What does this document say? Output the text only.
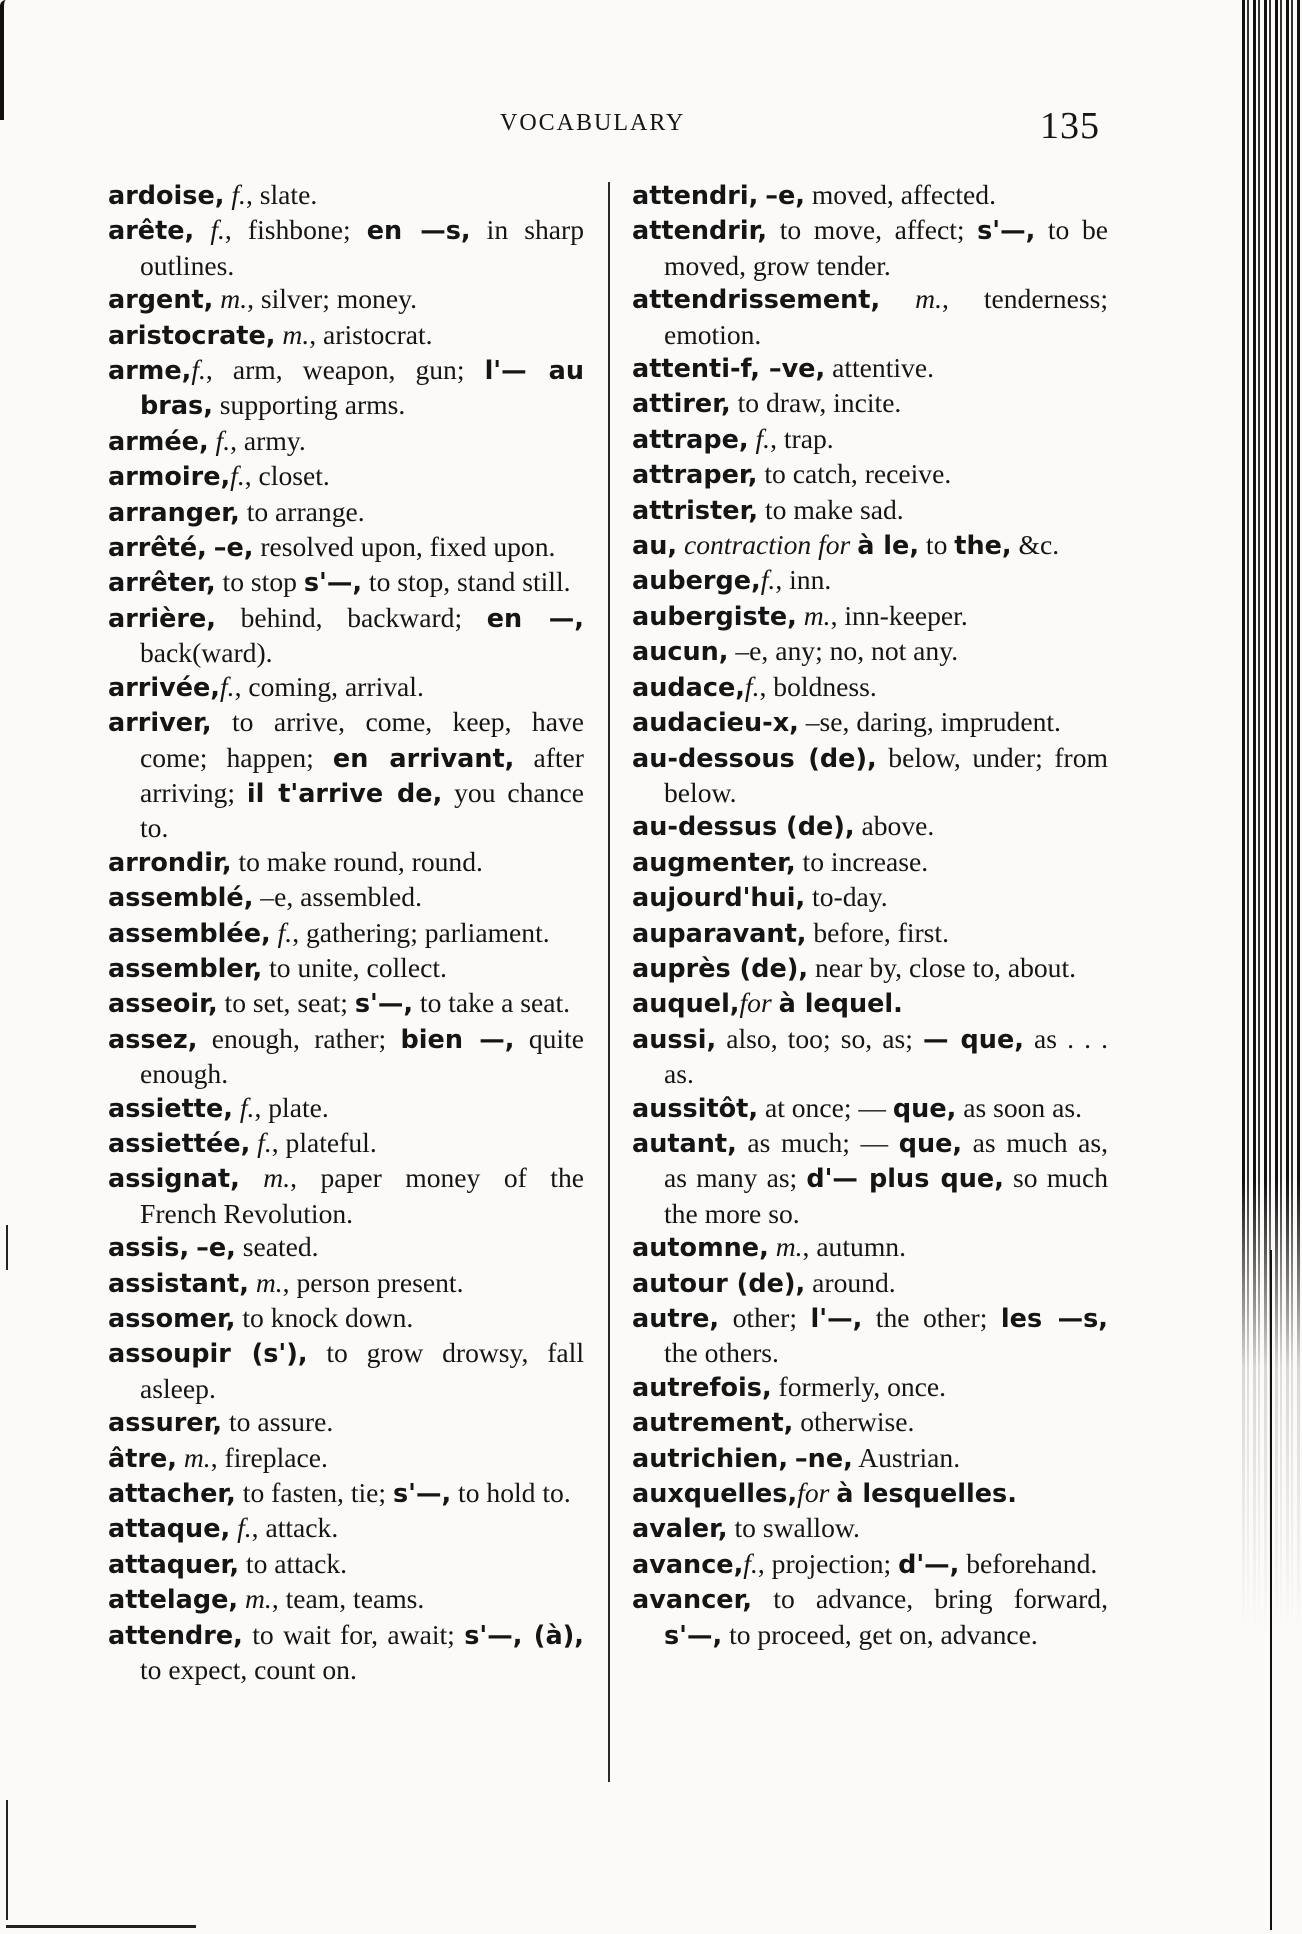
VOCABULARY	135

ardoise, f., slate.

arête, f., fishbone; en —s, in sharp outlines.

argent, m., silver; money.

aristocrate, m., aristocrat.

arme,f., arm, weapon, gun; l'— au bras, supporting arms.

armée, f., army.

armoire,f., closet.

arranger, to arrange.

arrêté, –e, resolved upon, fixed upon.

arrêter, to stop s'—, to stop, stand still.

arrière, behind, backward; en —, back(ward).

arrivée,f., coming, arrival.

arriver, to arrive, come, keep, have come; happen; en arrivant, after arriving; il t'arrive de, you chance to.

arrondir, to make round, round.

assemblé, –e, assembled.

assemblée, f., gathering; parliament.

assembler, to unite, collect.

asseoir, to set, seat; s'—, to take a seat.

assez, enough, rather; bien —, quite enough.

assiette, f., plate.

assiettée, f., plateful.

assignat, m., paper money of the French Revolution.

assis, –e, seated.

assistant, m., person present.

assomer, to knock down.

assoupir (s'), to grow drowsy, fall asleep.

assurer, to assure.

âtre, m., fireplace.

attacher, to fasten, tie; s'—, to hold to.

attaque, f., attack.

attaquer, to attack.

attelage, m., team, teams.

attendre, to wait for, await; s'—, (à), to expect, count on.

attendri, –e, moved, affected.

attendrir, to move, affect; s'—, to be moved, grow tender.

attendrissement, m., tenderness; emotion.

attenti-f, –ve, attentive.

attirer, to draw, incite.

attrape, f., trap.

attraper, to catch, receive.

attrister, to make sad.

au, contraction for à le, to the, &c.

auberge,f., inn.

aubergiste, m., inn-keeper.

aucun, –e, any; no, not any.

audace,f., boldness.

audacieu-x, –se, daring, imprudent.

au-dessous (de), below, under; from below.

au-dessus (de), above.

augmenter, to increase.

aujourd'hui, to-day.

auparavant, before, first.

auprès (de), near by, close to, about.

auquel,for à lequel.

aussi, also, too; so, as; — que, as . . . as.

aussitôt, at once; — que, as soon as.

autant, as much; — que, as much as, as many as; d'— plus que, so much the more so.

automne, m., autumn.

autour (de), around.

autre, other; l'—, the other; les —s, the others.

autrefois, formerly, once.

autrement, otherwise.

autrichien, –ne, Austrian.

auxquelles,for à lesquelles.

avaler, to swallow.

avance,f., projection; d'—, beforehand.

avancer, to advance, bring forward, s'—, to proceed, get on, advance.
